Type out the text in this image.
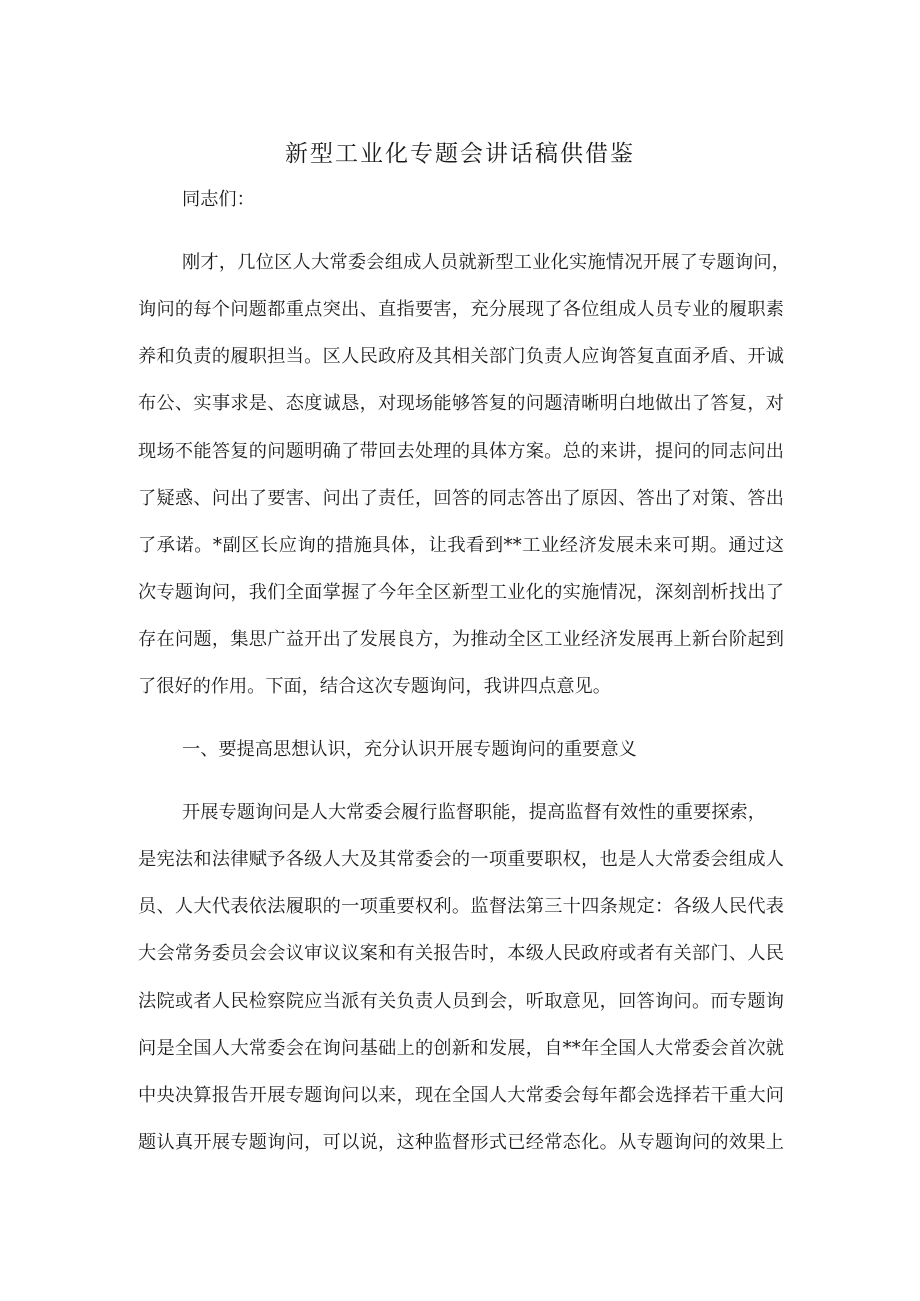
新型工业化专题会讲话稿供借鉴
同志们：
刚才，几位区人大常委会组成人员就新型工业化实施情况开展了专题询问，
询问的每个问题都重点突出、直指要害，充分展现了各位组成人员专业的履职素
养和负责的履职担当。区人民政府及其相关部门负责人应询答复直面矛盾、开诚
布公、实事求是、态度诚恳，对现场能够答复的问题清晰明白地做出了答复，对
现场不能答复的问题明确了带回去处理的具体方案。总的来讲，提问的同志问出
了疑惑、问出了要害、问出了责任，回答的同志答出了原因、答出了对策、答出
了承诺。*副区长应询的措施具体，让我看到**工业经济发展未来可期。通过这
次专题询问，我们全面掌握了今年全区新型工业化的实施情况，深刻剖析找出了
存在问题，集思广益开出了发展良方，为推动全区工业经济发展再上新台阶起到
了很好的作用。下面，结合这次专题询问，我讲四点意见。
一、要提高思想认识，充分认识开展专题询问的重要意义
开展专题询问是人大常委会履行监督职能，提高监督有效性的重要探索，
是宪法和法律赋予各级人大及其常委会的一项重要职权，也是人大常委会组成人
员、人大代表依法履职的一项重要权利。监督法第三十四条规定：各级人民代表
大会常务委员会会议审议议案和有关报告时，本级人民政府或者有关部门、人民
法院或者人民检察院应当派有关负责人员到会，听取意见，回答询问。而专题询
问是全国人大常委会在询问基础上的创新和发展，自**年全国人大常委会首次就
中央决算报告开展专题询问以来，现在全国人大常委会每年都会选择若干重大问
题认真开展专题询问，可以说，这种监督形式已经常态化。从专题询问的效果上
